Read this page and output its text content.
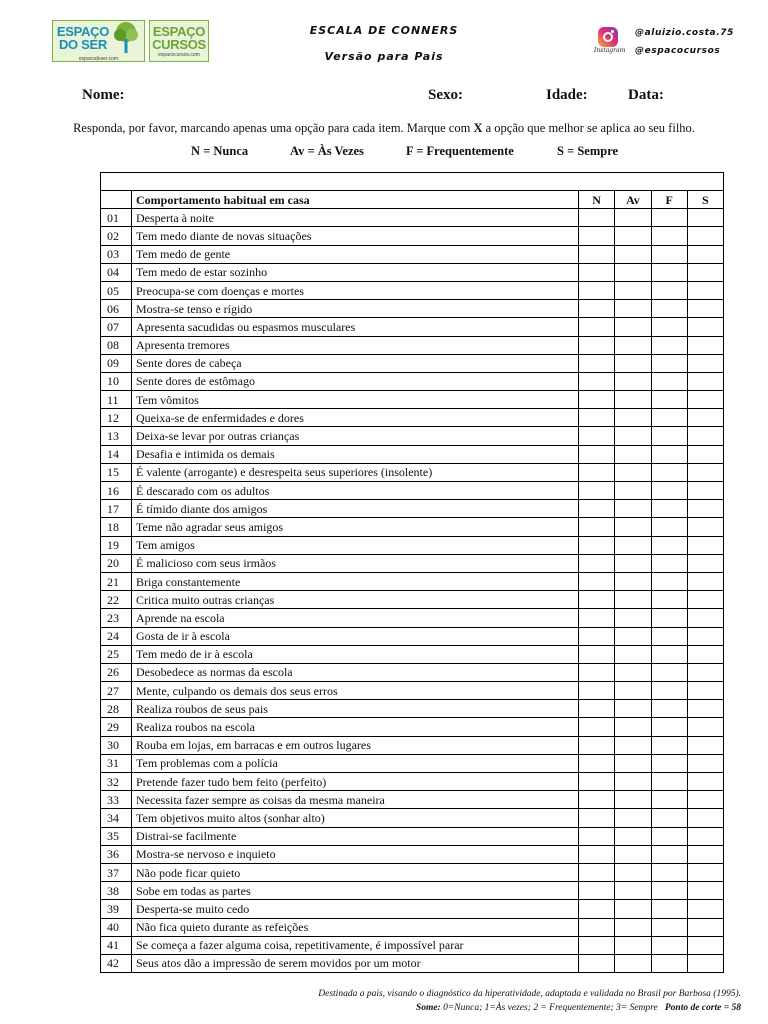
ESPAÇO
DO SER
espacodoser.com
ESPAÇO
CURSOS
espacocursos.com
ESCALA DE CONNERS
Versão para Pais	Instagram
@aluizio.costa.75
@espacocursos
Nome:	Sexo:	Idade:	Data:
Responda, por favor, marcando apenas uma opção para cada item. Marque com X a opção que melhor se aplica ao seu filho.
N = Nunca	Av = Às Vezes	F = Frequentemente	S = Sempre

	Comportamento habitual em casa	N	Av	F	S
01	Desperta à noite				
02	Tem medo diante de novas situações				
03	Tem medo de gente				
04	Tem medo de estar sozinho				
05	Preocupa-se com doenças e mortes				
06	Mostra-se tenso e rígido				
07	Apresenta sacudidas ou espasmos musculares				
08	Apresenta tremores				
09	Sente dores de cabeça				
10	Sente dores de estômago				
11	Tem vômitos				
12	Queixa-se de enfermidades e dores				
13	Deixa-se levar por outras crianças				
14	Desafia e intimida os demais				
15	É valente (arrogante) e desrespeita seus superiores (insolente)				
16	É descarado com os adultos				
17	É tímido diante dos amigos				
18	Teme não agradar seus amigos				
19	Tem amigos				
20	É malicioso com seus irmãos				
21	Briga constantemente				
22	Critica muito outras crianças				
23	Aprende na escola				
24	Gosta de ir à escola				
25	Tem medo de ir à escola				
26	Desobedece as normas da escola				
27	Mente, culpando os demais dos seus erros				
28	Realiza roubos de seus pais				
29	Realiza roubos na escola				
30	Rouba em lojas, em barracas e em outros lugares				
31	Tem problemas com a polícia				
32	Pretende fazer tudo bem feito (perfeito)				
33	Necessita fazer sempre as coisas da mesma maneira				
34	Tem objetivos muito altos (sonhar alto)				
35	Distrai-se facilmente				
36	Mostra-se nervoso e inquieto				
37	Não pode ficar quieto				
38	Sobe em todas as partes				
39	Desperta-se muito cedo				
40	Não fica quieto durante as refeições				
41	Se começa a fazer alguma coisa, repetitivamente, é impossível parar				
42	Seus atos dão a impressão de serem movidos por um motor				
Destinada a pais, visando o diagnóstico da hiperatividade, adaptada e validada no Brasil por Barbosa (1995).
Some: 0=Nunca; 1=Às vezes; 2 = Frequentemente; 3= Sempre Ponto de corte = 58
